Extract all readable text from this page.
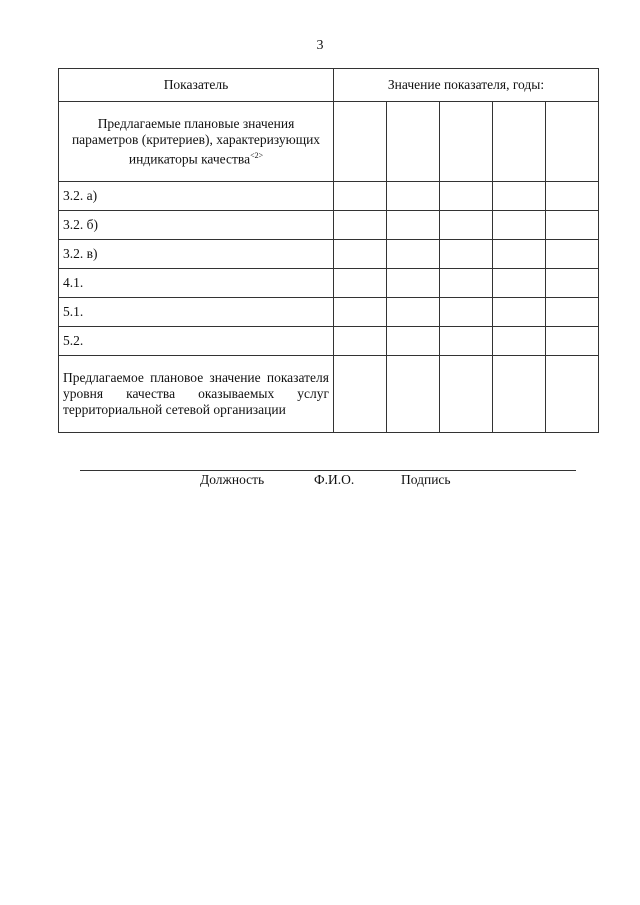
3
Показатель	Значение показателя, годы:				
Предлагаемые плановые значения параметров (критериев), характеризующих индикаторы качества$^{<2>}$					
3.2. а)					
3.2. б)					
3.2. в)					
4.1.					
5.1.					
5.2.					
Предлагаемое плановое значение показателя уровня качества оказываемых услуг территориальной сетевой организации					
Должность	Ф.И.О.	Подпись
